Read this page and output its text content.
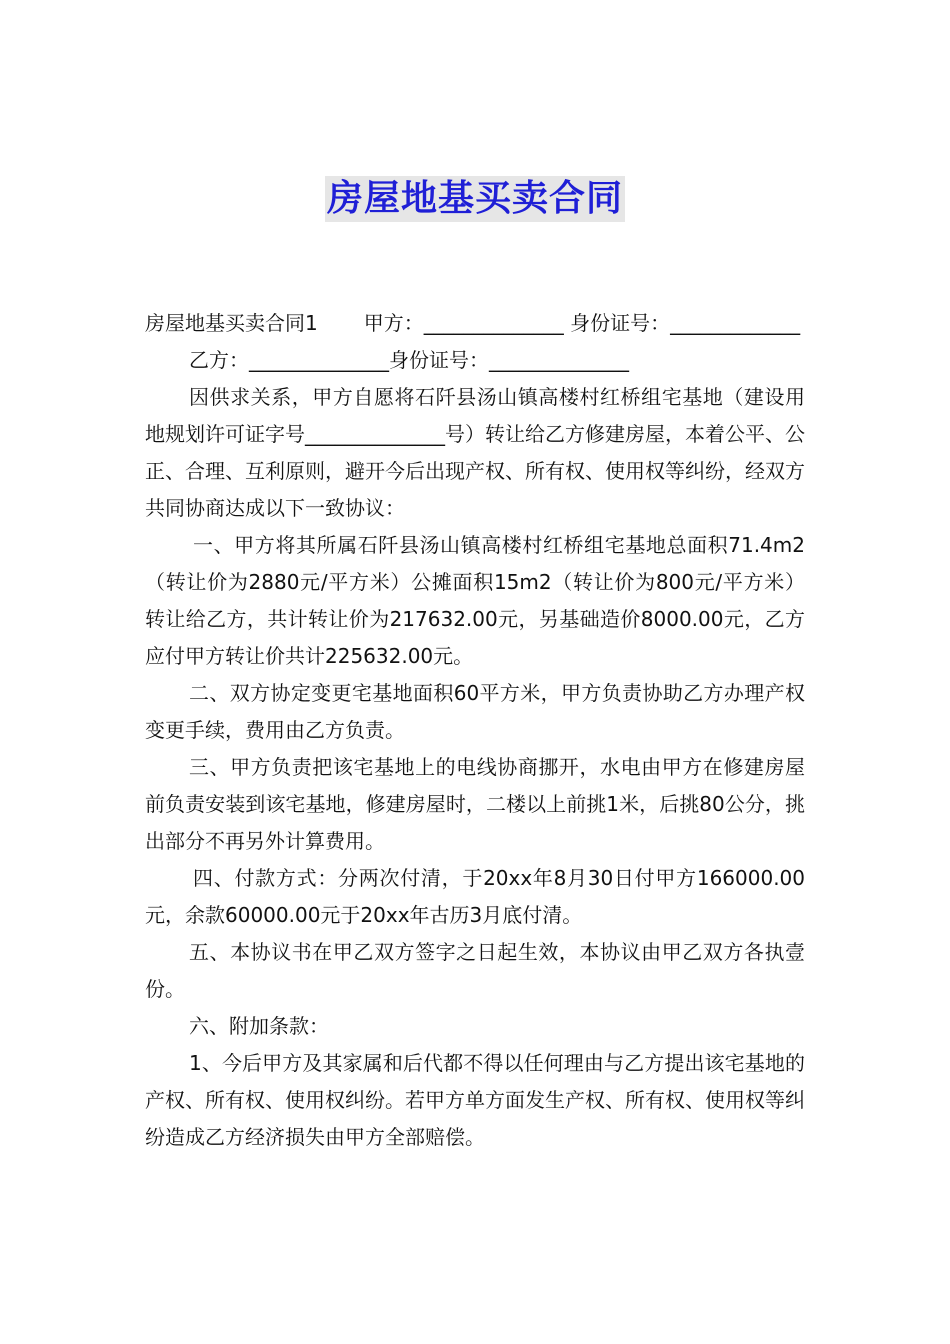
房屋地基买卖合同

房屋地基买卖合同1 甲方：______________ 身份证号：_____________

乙方：______________身份证号：______________

因供求关系，甲方自愿将石阡县汤山镇高楼村红桥组宅基地（建设用地规划许可证字号______________号）转让给乙方修建房屋，本着公平、公正、合理、互利原则，避开今后出现产权、所有权、使用权等纠纷，经双方共同协商达成以下一致协议：

一、甲方将其所属石阡县汤山镇高楼村红桥组宅基地总面积71.4m2（转让价为2880元/平方米）公摊面积15m2（转让价为800元/平方米）转让给乙方，共计转让价为217632.00元，另基础造价8000.00元，乙方应付甲方转让价共计225632.00元。

二、双方协定变更宅基地面积60平方米，甲方负责协助乙方办理产权变更手续，费用由乙方负责。

三、甲方负责把该宅基地上的电线协商挪开，水电由甲方在修建房屋前负责安装到该宅基地，修建房屋时，二楼以上前挑1米，后挑80公分，挑出部分不再另外计算费用。

四、付款方式：分两次付清，于20xx年8月30日付甲方166000.00元，余款60000.00元于20xx年古历3月底付清。

五、本协议书在甲乙双方签字之日起生效，本协议由甲乙双方各执壹份。

六、附加条款：

1、今后甲方及其家属和后代都不得以任何理由与乙方提出该宅基地的产权、所有权、使用权纠纷。若甲方单方面发生产权、所有权、使用权等纠纷造成乙方经济损失由甲方全部赔偿。
